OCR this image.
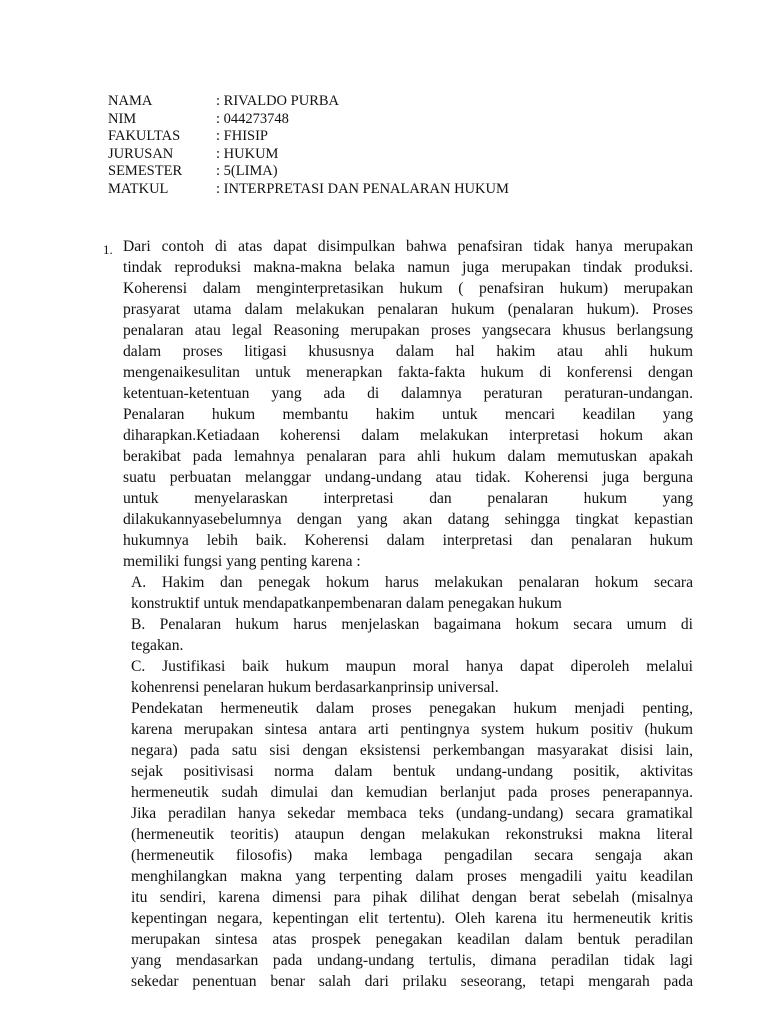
NAMA	: RIVALDO PURBA
NIM	: 044273748
FAKULTAS	: FHISIP
JURUSAN	: HUKUM
SEMESTER	: 5(LIMA)
MATKUL	: INTERPRETASI DAN PENALARAN HUKUM
1. Dari contoh di atas dapat disimpulkan bahwa penafsiran tidak hanya merupakan
tindak reproduksi makna-makna belaka namun juga merupakan tindak produksi.
Koherensi dalam menginterpretasikan hukum ( penafsiran hukum) merupakan
prasyarat utama dalam melakukan penalaran hukum (penalaran hukum). Proses
penalaran atau legal Reasoning merupakan proses yangsecara khusus berlangsung
dalam proses litigasi khususnya dalam hal hakim atau ahli hukum
mengenaikesulitan untuk menerapkan fakta-fakta hukum di konferensi dengan
ketentuan-ketentuan yang ada di dalamnya peraturan peraturan-undangan.
Penalaran hukum membantu hakim untuk mencari keadilan yang
diharapkan.Ketiadaan koherensi dalam melakukan interpretasi hokum akan
berakibat pada lemahnya penalaran para ahli hukum dalam memutuskan apakah
suatu perbuatan melanggar undang-undang atau tidak. Koherensi juga berguna
untuk menyelaraskan interpretasi dan penalaran hukum yang
dilakukannyasebelumnya dengan yang akan datang sehingga tingkat kepastian
hukumnya lebih baik. Koherensi dalam interpretasi dan penalaran hukum
memiliki fungsi yang penting karena :
A. Hakim dan penegak hokum harus melakukan penalaran hokum secara
konstruktif untuk mendapatkanpembenaran dalam penegakan hukum
B. Penalaran hukum harus menjelaskan bagaimana hokum secara umum di
tegakan.
C. Justifikasi baik hukum maupun moral hanya dapat diperoleh melalui
kohenrensi penelaran hukum berdasarkanprinsip universal.
Pendekatan hermeneutik dalam proses penegakan hukum menjadi penting,
karena merupakan sintesa antara arti pentingnya system hukum positiv (hukum
negara) pada satu sisi dengan eksistensi perkembangan masyarakat disisi lain,
sejak positivisasi norma dalam bentuk undang-undang positik, aktivitas
hermeneutik sudah dimulai dan kemudian berlanjut pada proses penerapannya.
Jika peradilan hanya sekedar membaca teks (undang-undang) secara gramatikal
(hermeneutik teoritis) ataupun dengan melakukan rekonstruksi makna literal
(hermeneutik filosofis) maka lembaga pengadilan secara sengaja akan
menghilangkan makna yang terpenting dalam proses mengadili yaitu keadilan
itu sendiri, karena dimensi para pihak dilihat dengan berat sebelah (misalnya
kepentingan negara, kepentingan elit tertentu). Oleh karena itu hermeneutik kritis
merupakan sintesa atas prospek penegakan keadilan dalam bentuk peradilan
yang mendasarkan pada undang-undang tertulis, dimana peradilan tidak lagi
sekedar penentuan benar salah dari prilaku seseorang, tetapi mengarah pada
